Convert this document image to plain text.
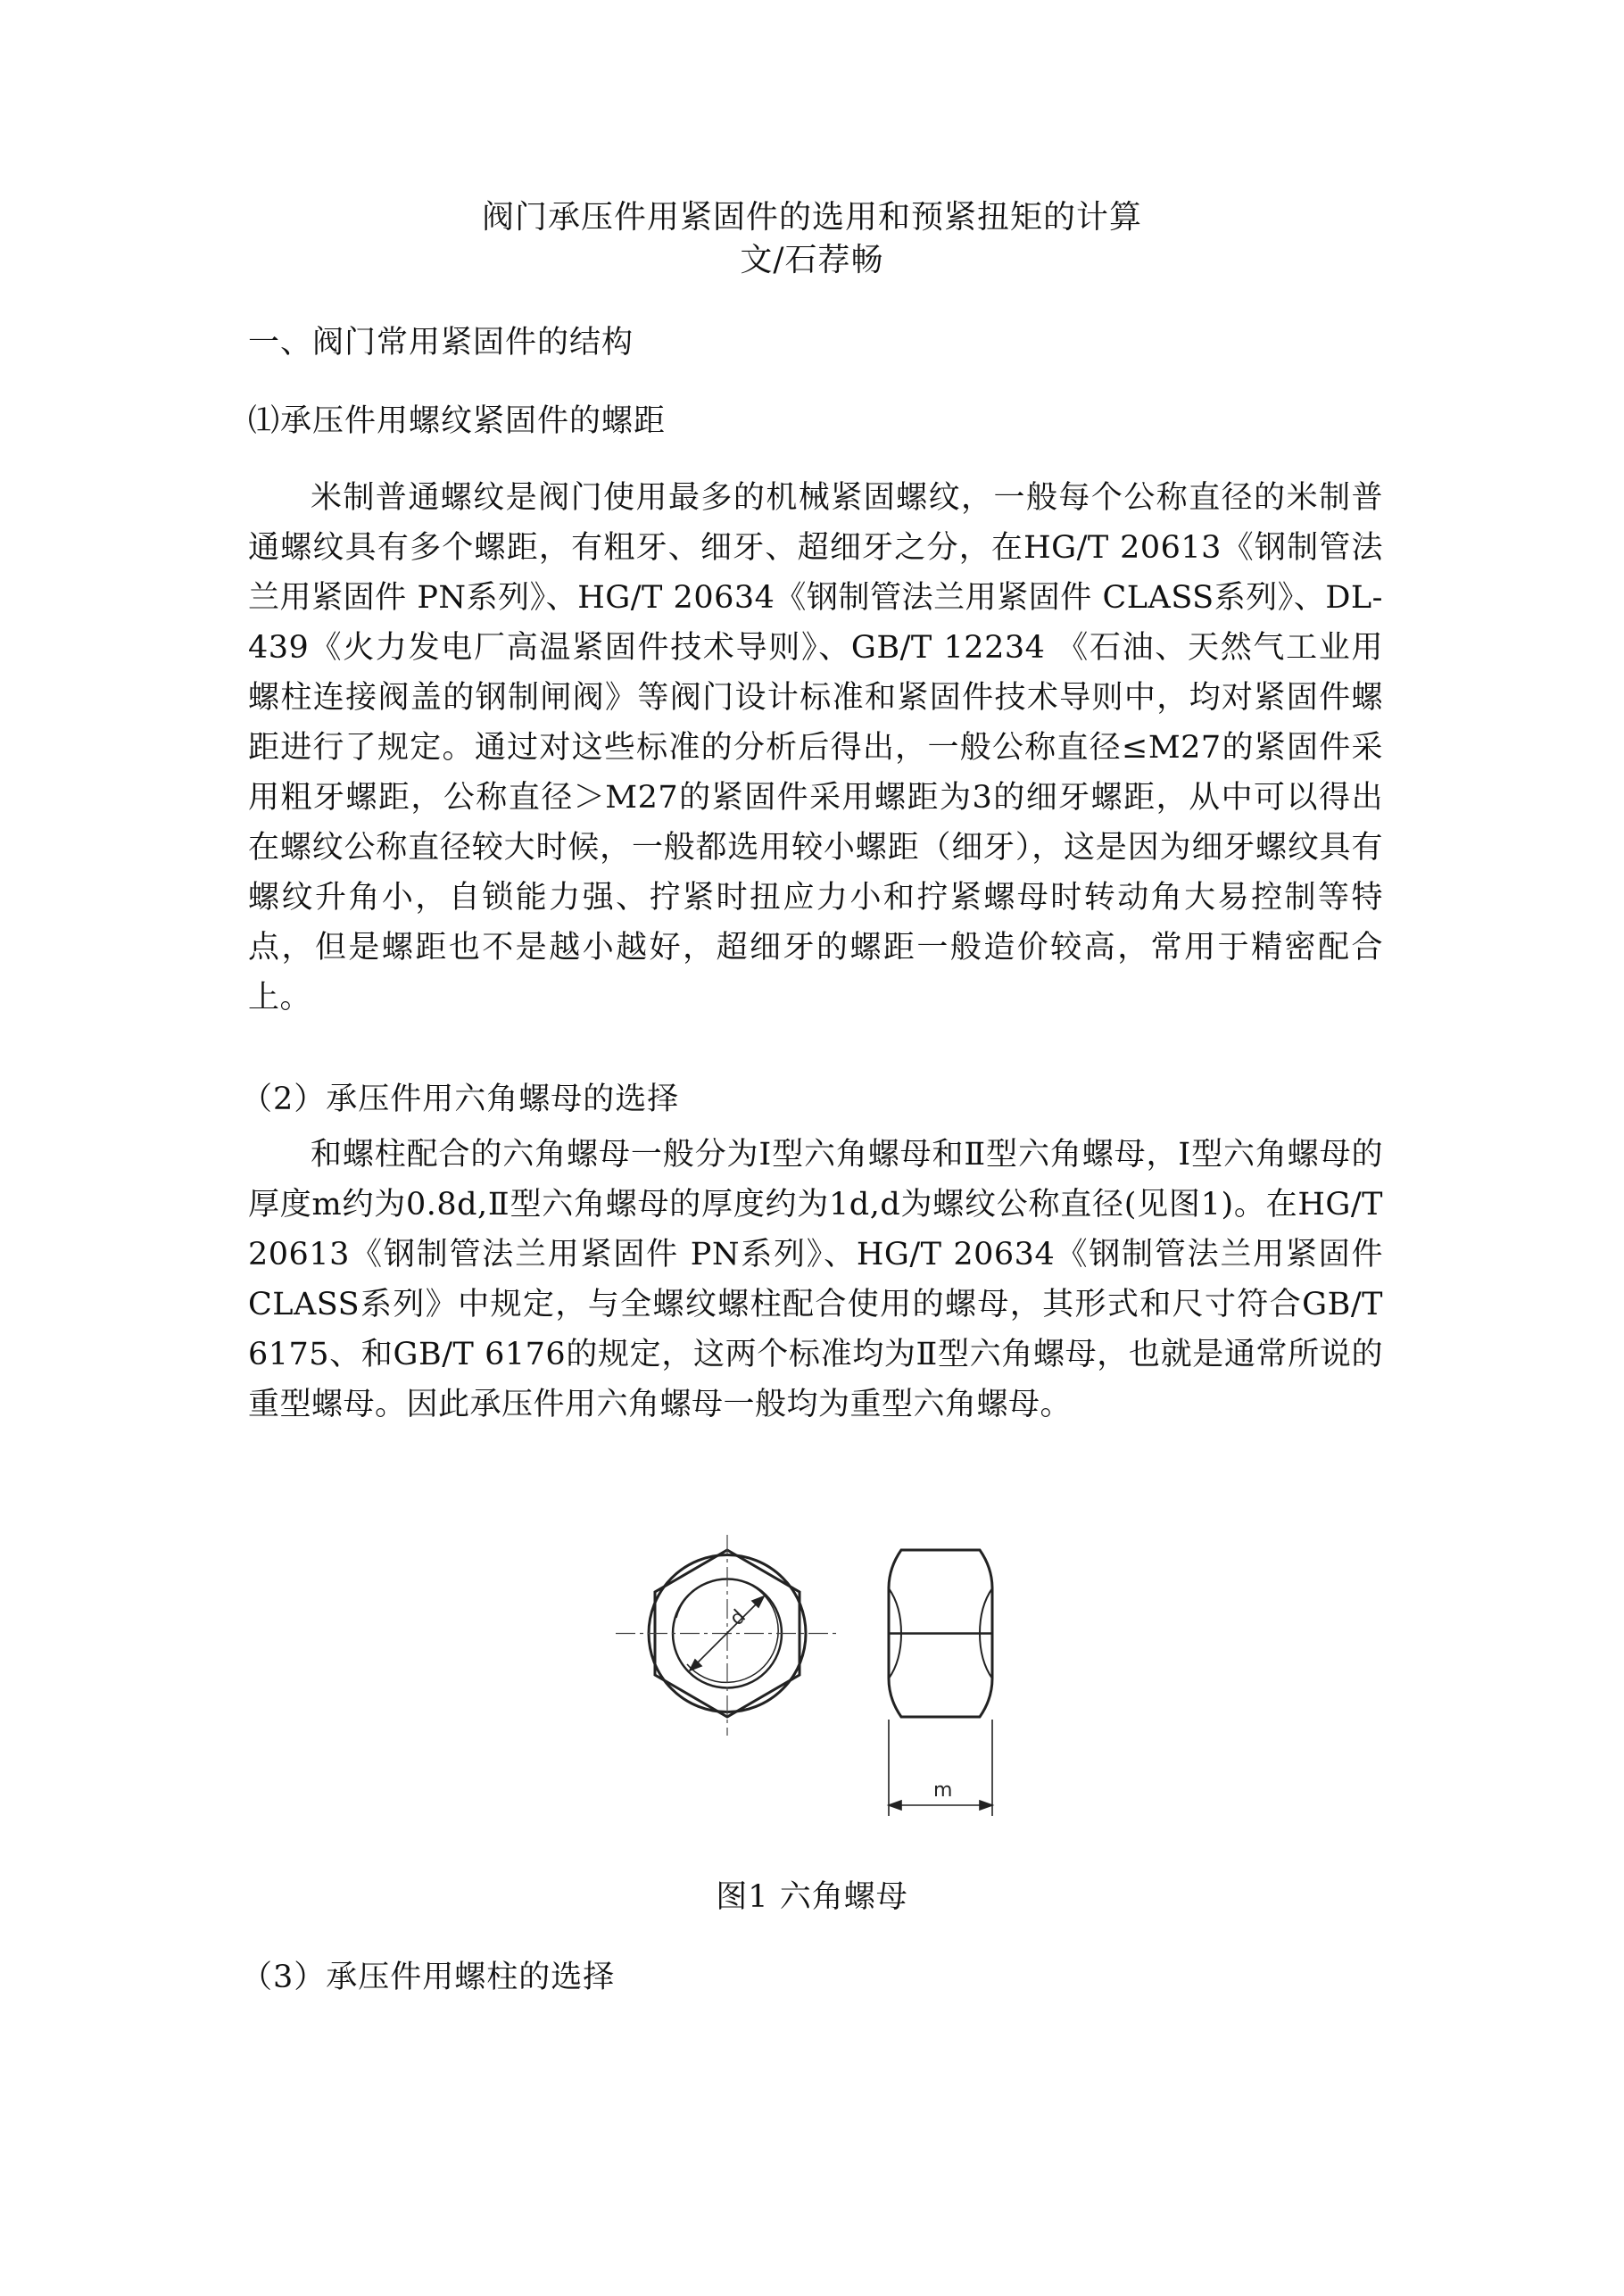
阀门承压件用紧固件的选用和预紧扭矩的计算
文/石荐畅
一、阀门常用紧固件的结构
⑴承压件用螺纹紧固件的螺距

米制普通螺纹是阀门使用最多的机械紧固螺纹，一般每个公称直径的米制普通螺纹具有多个螺距，有粗牙、细牙、超细牙之分，在HG/T 20613《钢制管法兰用紧固件 PN系列》、HG/T 20634《钢制管法兰用紧固件 CLASS系列》、DL-439《火力发电厂高温紧固件技术导则》、GB/T 12234 《石油、天然气工业用螺柱连接阀盖的钢制闸阀》等阀门设计标准和紧固件技术导则中，均对紧固件螺距进行了规定。通过对这些标准的分析后得出，一般公称直径≤M27的紧固件采用粗牙螺距，公称直径＞M27的紧固件采用螺距为3的细牙螺距，从中可以得出在螺纹公称直径较大时候，一般都选用较小螺距（细牙），这是因为细牙螺纹具有螺纹升角小，自锁能力强、拧紧时扭应力小和拧紧螺母时转动角大易控制等特点，但是螺距也不是越小越好，超细牙的螺距一般造价较高，常用于精密配合上。

（2）承压件用六角螺母的选择

和螺柱配合的六角螺母一般分为Ⅰ型六角螺母和Ⅱ型六角螺母，Ⅰ型六角螺母的厚度m约为0.8d,Ⅱ型六角螺母的厚度约为1d,d为螺纹公称直径(见图1)。在HG/T 20613《钢制管法兰用紧固件 PN系列》、HG/T 20634《钢制管法兰用紧固件 CLASS系列》中规定，与全螺纹螺柱配合使用的螺母，其形式和尺寸符合GB/T 6175、和GB/T 6176的规定，这两个标准均为Ⅱ型六角螺母，也就是通常所说的重型螺母。因此承压件用六角螺母一般均为重型六角螺母。

d
m
图1 六角螺母
（3）承压件用螺柱的选择
